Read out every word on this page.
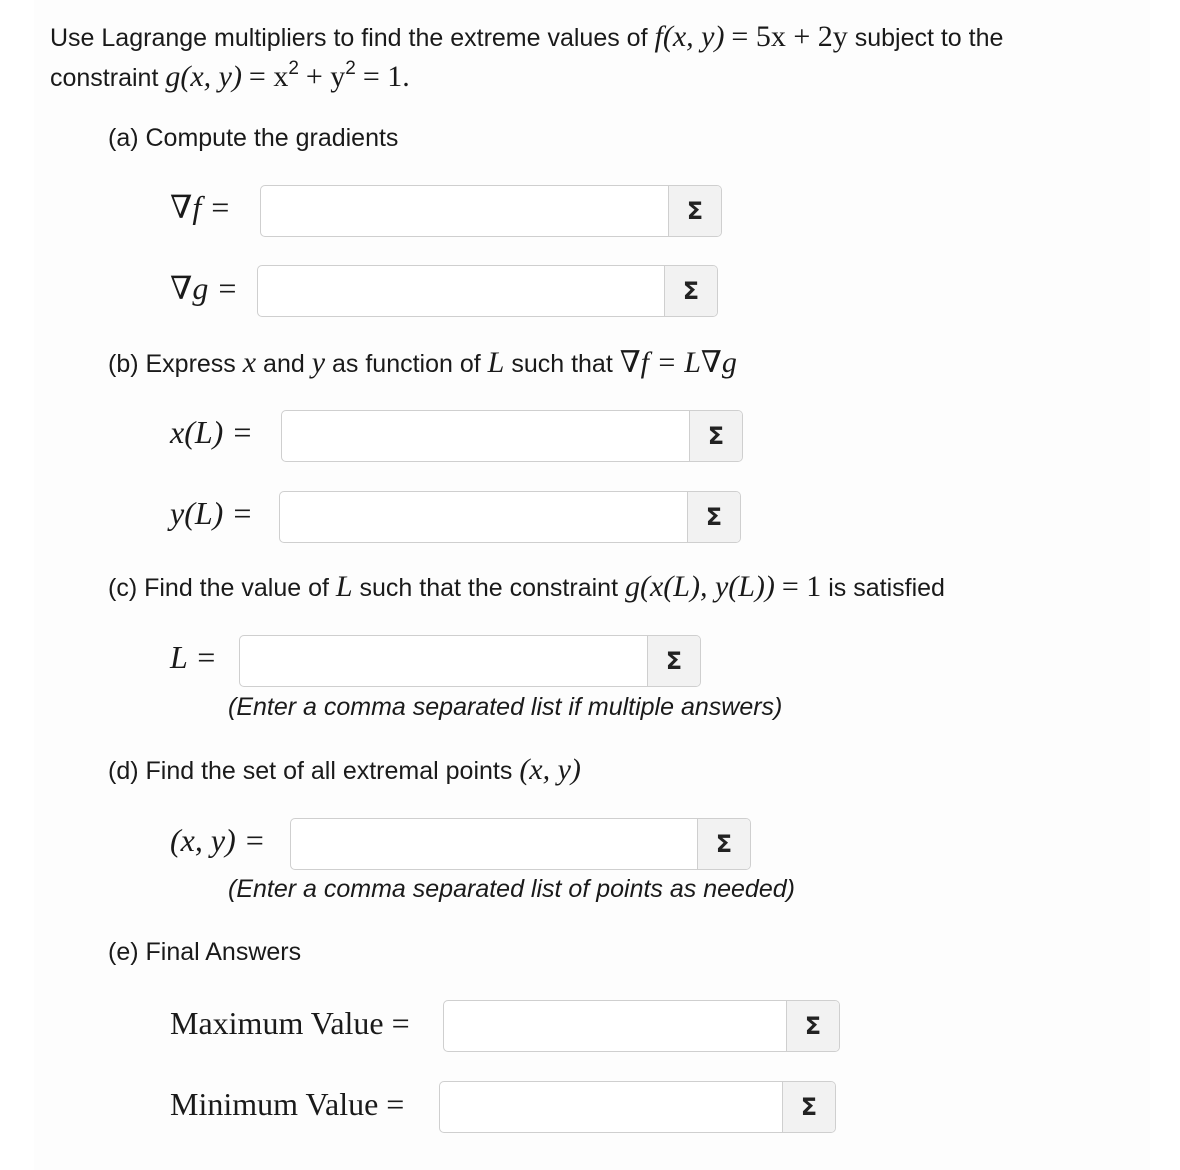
Use Lagrange multipliers to find the extreme values of f(x, y) = 5x + 2y subject to the
constraint g(x, $y) = x^2 + y^2 = 1$.
(a) Compute the gradients
∇f =	Σ
∇g =	Σ
(b) Express x and y as function of L such that ∇f = L∇g
x(L) =	Σ
y(L) =	Σ
(c) Find the value of L such that the constraint g(x(L), y(L)) = 1 is satisfied
L =	Σ
(Enter a comma separated list if multiple answers)
(d) Find the set of all extremal points (x, y)
(x, y) =	Σ
(Enter a comma separated list of points as needed)
(e) Final Answers
Maximum Value =	Σ
Minimum Value =	Σ
